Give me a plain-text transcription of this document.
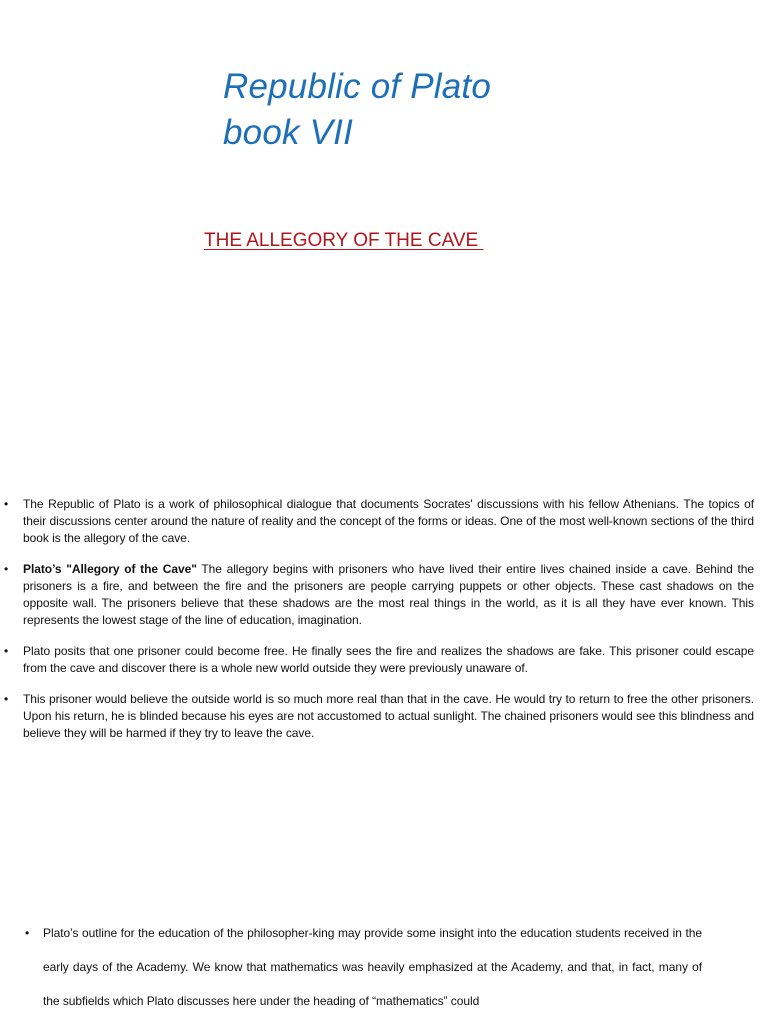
Republic of Plato
book VII
THE ALLEGORY OF THE CAVE
• The Republic of Plato is a work of philosophical dialogue that documents Socrates' discussions with his fellow Athenians. The topics of their discussions center around the nature of reality and the concept of the forms or ideas. One of the most well-known sections of the third book is the allegory of the cave.
• Plato’s "Allegory of the Cave" The allegory begins with prisoners who have lived their entire lives chained inside a cave. Behind the prisoners is a fire, and between the fire and the prisoners are people carrying puppets or other objects. These cast shadows on the opposite wall. The prisoners believe that these shadows are the most real things in the world, as it is all they have ever known. This represents the lowest stage of the line of education, imagination.
• Plato posits that one prisoner could become free. He finally sees the fire and realizes the shadows are fake. This prisoner could escape from the cave and discover there is a whole new world outside they were previously unaware of.
• This prisoner would believe the outside world is so much more real than that in the cave. He would try to return to free the other prisoners. Upon his return, he is blinded because his eyes are not accustomed to actual sunlight. The chained prisoners would see this blindness and believe they will be harmed if they try to leave the cave.
• Plato’s outline for the education of the philosopher-king may provide some insight into the education students received in the early days of the Academy. We know that mathematics was heavily emphasized at the Academy, and that, in fact, many of the subfields which Plato discusses here under the heading of “mathematics” could
